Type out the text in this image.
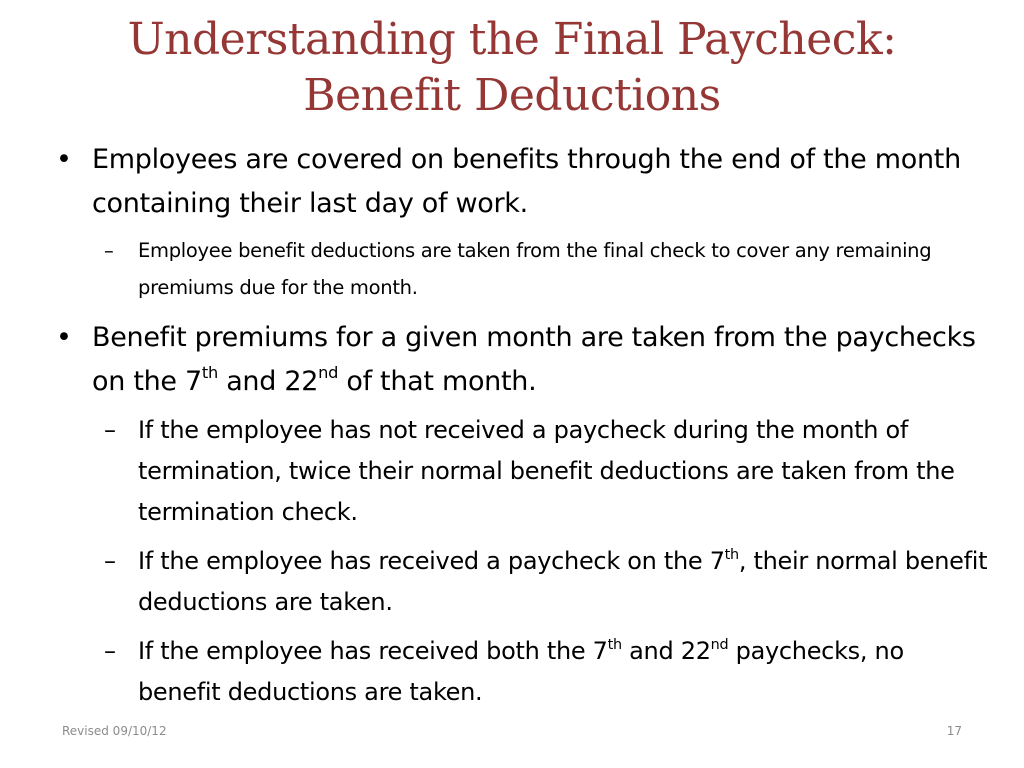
Understanding the Final Paycheck:
Benefit Deductions
• Employees are covered on benefits through the end of the month containing their last day of work.
– Employee benefit deductions are taken from the final check to cover any remaining premiums due for the month.
• Benefit premiums for a given month are taken from the paychecks on the 7th and 22nd of that month.
– If the employee has not received a paycheck during the month of termination, twice their normal benefit deductions are taken from the termination check.
– If the employee has received a paycheck on the 7th, their normal benefit deductions are taken.
– If the employee has received both the 7th and 22nd paychecks, no benefit deductions are taken.
Revised 09/10/12	17
